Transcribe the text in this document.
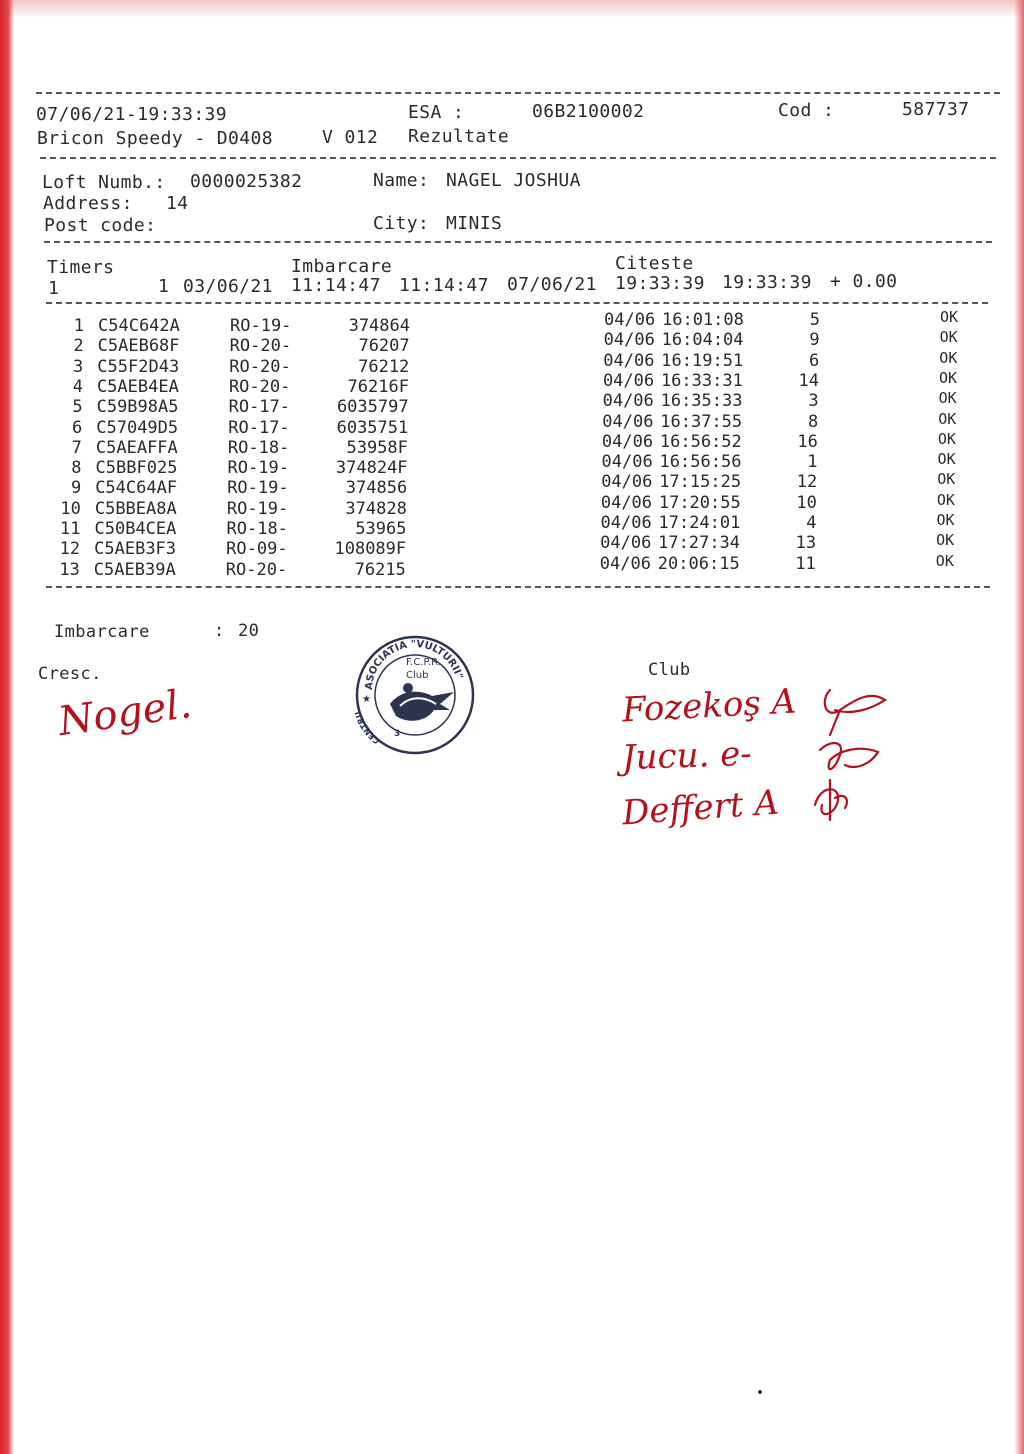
07/06/21-19:33:39	ESA :	06B2100002	Cod :	587737
Bricon Speedy - D0408	V 012 Rezultate
Loft Numb.: 0000025382	Name: NAGEL JOSHUA
Address: 14
Post code:	City: MINIS
Timers	Imbarcare	Citeste
1	1 03/06/21 11:14:47 11:14:47 07/06/21 19:33:39 19:33:39 + 0.00
1 C54C642A	RO-19-	374864	04/06 16:01:08	5	OK
2 C5AEB68F	RO-20-	76207	04/06 16:04:04	9	OK
3 C55F2D43	RO-20-	76212	04/06 16:19:51	6	OK
4 C5AEB4EA	RO-20-	76216F	04/06 16:33:31	14	OK
5 C59B98A5	RO-17-	6035797	04/06 16:35:33	3	OK
6 C57049D5	RO-17-	6035751	04/06 16:37:55	8	OK
7 C5AEAFFA	RO-18-	53958F	04/06 16:56:52	16	OK
8 C5BBF025	RO-19-	374824F	04/06 16:56:56	1	OK
9 C54C64AF	RO-19-	374856	04/06 17:15:25	12	OK
10 C5BBEA8A	RO-19-	374828	04/06 17:20:55	10	OK
11 C50B4CEA	RO-18-	53965	04/06 17:24:01	4	OK
12 C5AEB3F3	RO-09-	108089F	04/06 17:27:34	13	OK
13 C5AEB39A	RO-20-	76215	04/06 20:06:15	11	OK
Imbarcare	: 20
Cresc.	Club
ASOCIATIA "VULTURII"
F.C.P.R.
Club
CENTRU
3
★
Nogel.	Fozekoş A
Jucu. e-
Deffert A
